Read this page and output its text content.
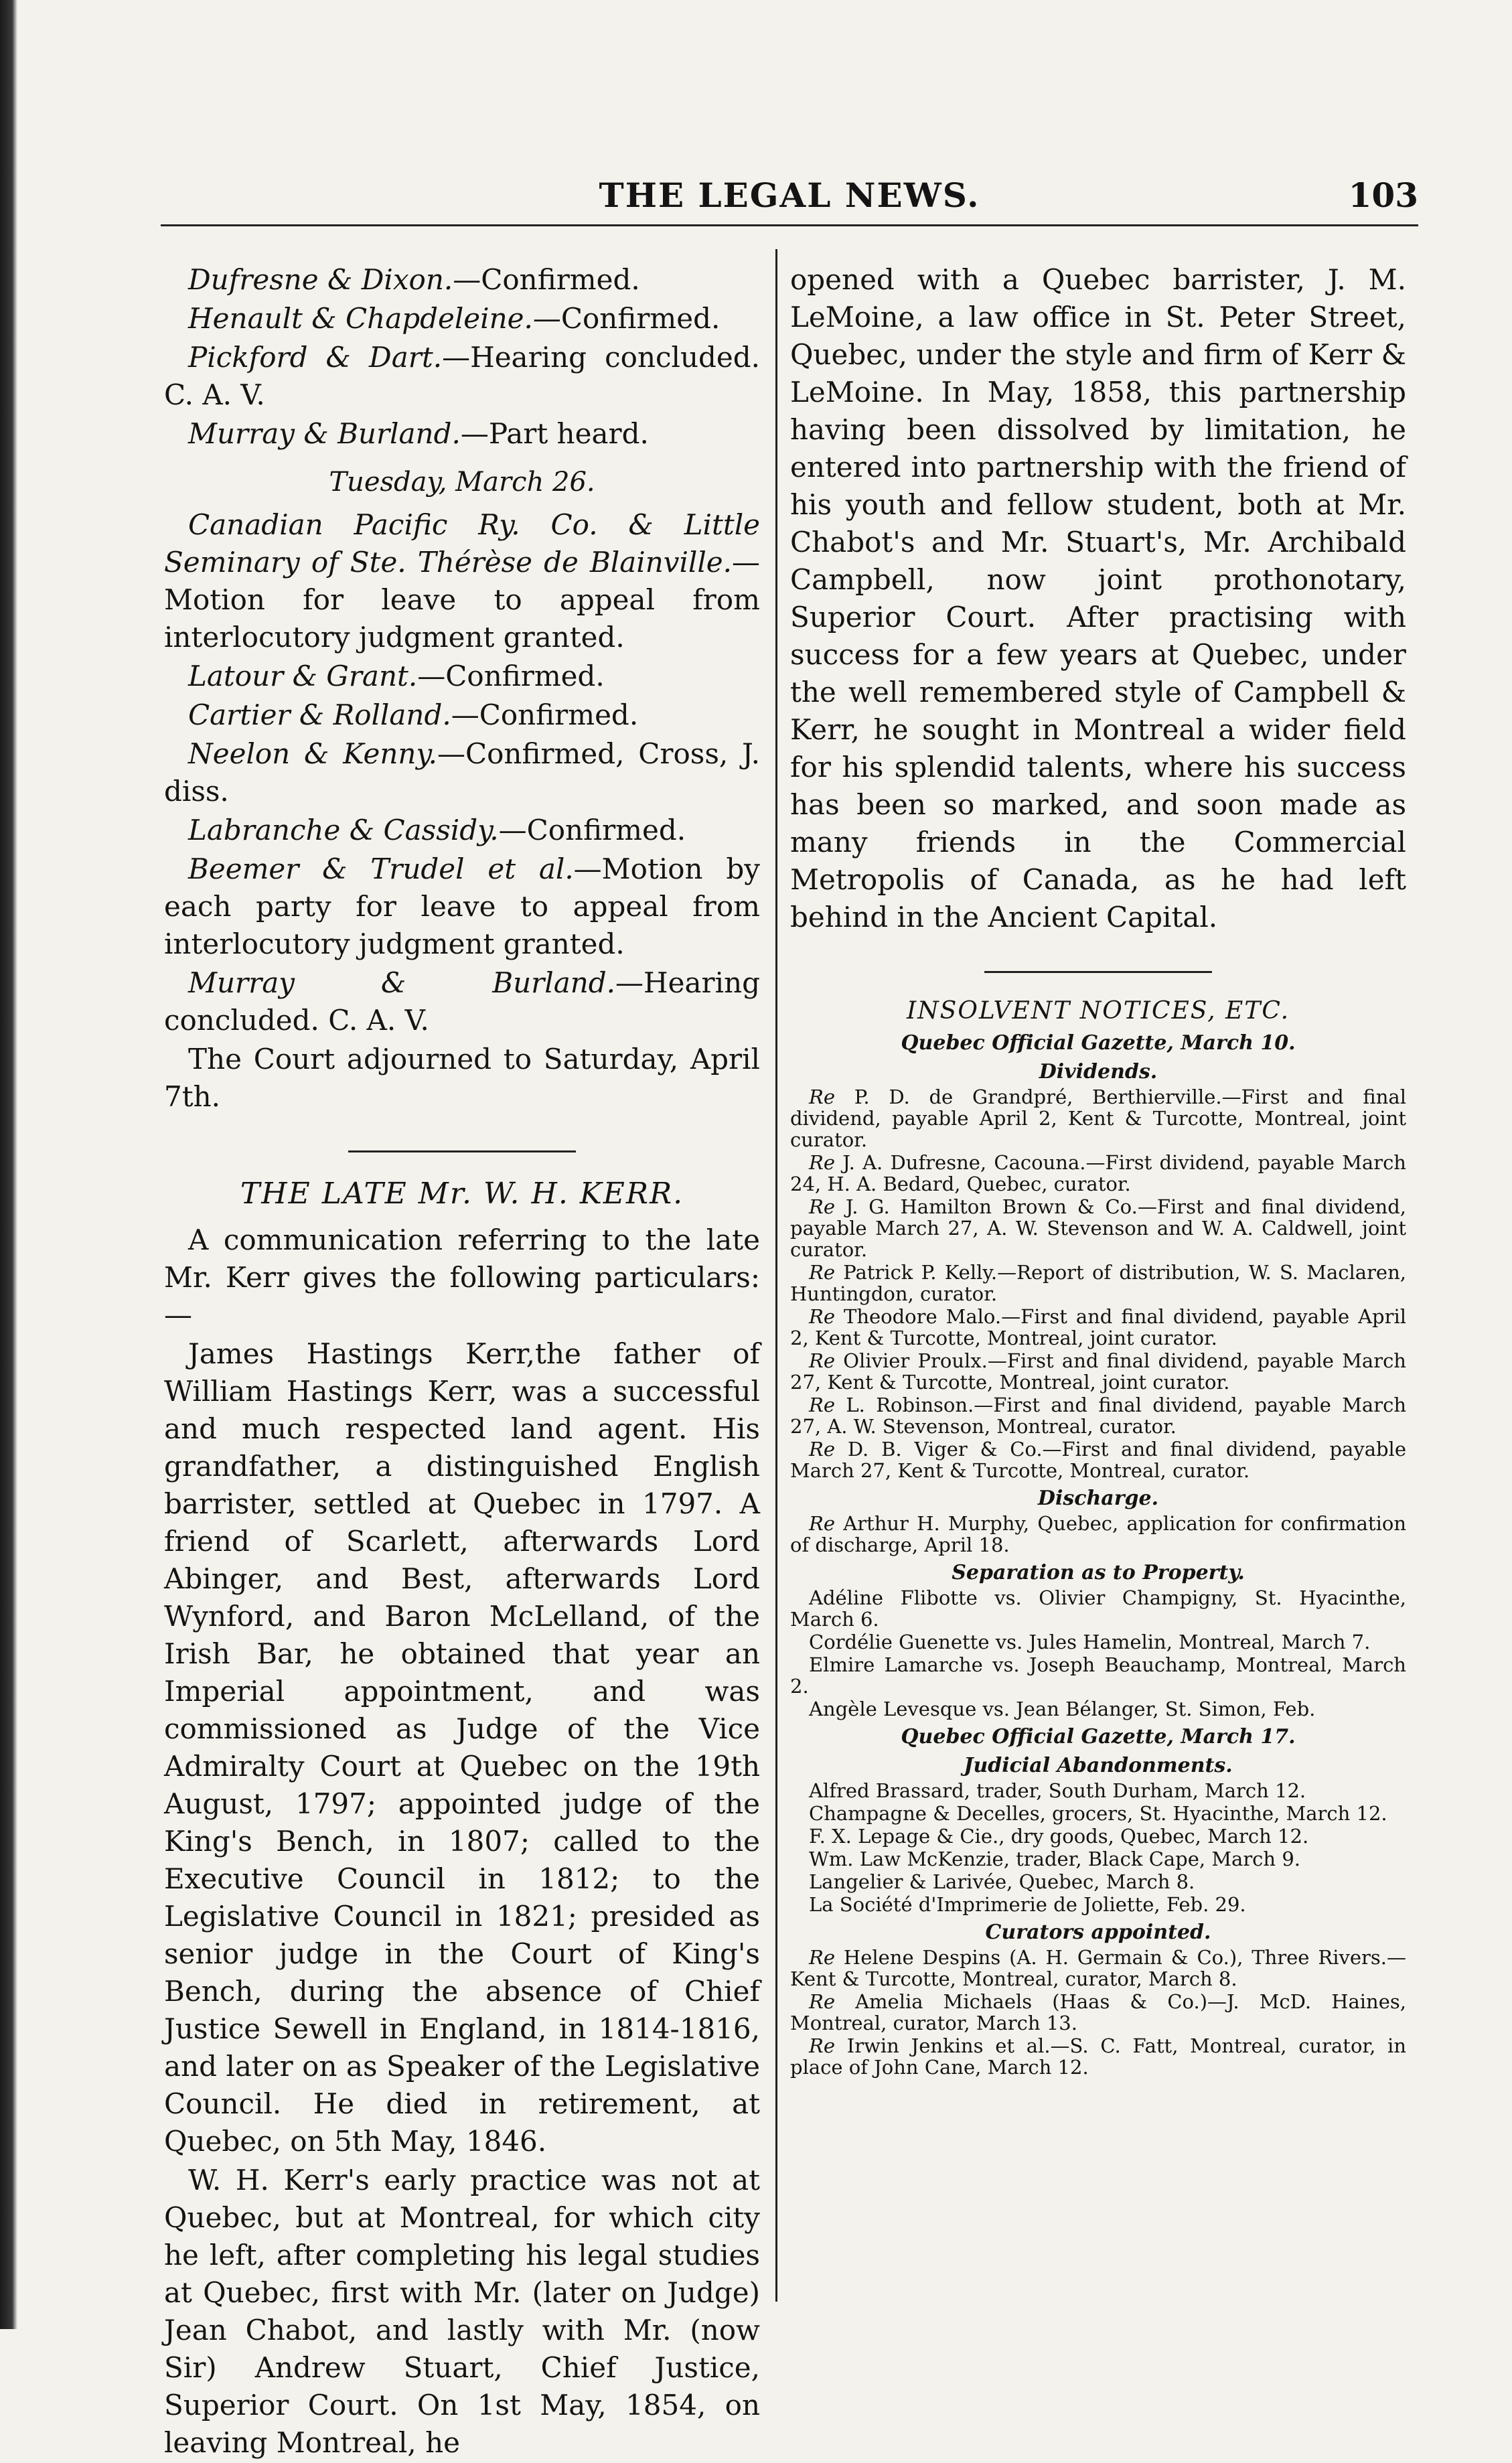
THE LEGAL NEWS.	103

Dufresne & Dixon.—Confirmed.

Henault & Chapdeleine.—Confirmed.

Pickford & Dart.—Hearing concluded. C. A. V.

Murray & Burland.—Part heard.

Tuesday, March 26.

Canadian Pacific Ry. Co. & Little Seminary of Ste. Thérèse de Blainville.—Motion for leave to appeal from interlocutory judgment granted.

Latour & Grant.—Confirmed.

Cartier & Rolland.—Confirmed.

Neelon & Kenny.—Confirmed, Cross, J. diss.

Labranche & Cassidy.—Confirmed.

Beemer & Trudel et al.—Motion by each party for leave to appeal from interlocutory judgment granted.

Murray & Burland.—Hearing concluded. C. A. V.

The Court adjourned to Saturday, April 7th.

THE LATE Mr. W. H. KERR.

A communication referring to the late Mr. Kerr gives the following particulars:—

James Hastings Kerr,the father of William Hastings Kerr, was a successful and much respected land agent. His grandfather, a distinguished English barrister, settled at Quebec in 1797. A friend of Scarlett, afterwards Lord Abinger, and Best, afterwards Lord Wynford, and Baron McLelland, of the Irish Bar, he obtained that year an Imperial appointment, and was commissioned as Judge of the Vice Admiralty Court at Quebec on the 19th August, 1797; appointed judge of the King's Bench, in 1807; called to the Executive Council in 1812; to the Legislative Council in 1821; presided as senior judge in the Court of King's Bench, during the absence of Chief Justice Sewell in England, in 1814-1816, and later on as Speaker of the Legislative Council. He died in retirement, at Quebec, on 5th May, 1846.

W. H. Kerr's early practice was not at Quebec, but at Montreal, for which city he left, after completing his legal studies at Quebec, first with Mr. (later on Judge) Jean Chabot, and lastly with Mr. (now Sir) Andrew Stuart, Chief Justice, Superior Court. On 1st May, 1854, on leaving Montreal, he

opened with a Quebec barrister, J. M. LeMoine, a law office in St. Peter Street, Quebec, under the style and firm of Kerr & LeMoine. In May, 1858, this partnership having been dissolved by limitation, he entered into partnership with the friend of his youth and fellow student, both at Mr. Chabot's and Mr. Stuart's, Mr. Archibald Campbell, now joint prothonotary, Superior Court. After practising with success for a few years at Quebec, under the well remembered style of Campbell & Kerr, he sought in Montreal a wider field for his splendid talents, where his success has been so marked, and soon made as many friends in the Commercial Metropolis of Canada, as he had left behind in the Ancient Capital.

INSOLVENT NOTICES, ETC.
Quebec Official Gazette, March 10.
Dividends.

Re P. D. de Grandpré, Berthierville.—First and final dividend, payable April 2, Kent & Turcotte, Montreal, joint curator.

Re J. A. Dufresne, Cacouna.—First dividend, payable March 24, H. A. Bedard, Quebec, curator.

Re J. G. Hamilton Brown & Co.—First and final dividend, payable March 27, A. W. Stevenson and W. A. Caldwell, joint curator.

Re Patrick P. Kelly.—Report of distribution, W. S. Maclaren, Huntingdon, curator.

Re Theodore Malo.—First and final dividend, payable April 2, Kent & Turcotte, Montreal, joint curator.

Re Olivier Proulx.—First and final dividend, payable March 27, Kent & Turcotte, Montreal, joint curator.

Re L. Robinson.—First and final dividend, payable March 27, A. W. Stevenson, Montreal, curator.

Re D. B. Viger & Co.—First and final dividend, payable March 27, Kent & Turcotte, Montreal, curator.

Discharge.

Re Arthur H. Murphy, Quebec, application for confirmation of discharge, April 18.

Separation as to Property.

Adéline Flibotte vs. Olivier Champigny, St. Hyacinthe, March 6.

Cordélie Guenette vs. Jules Hamelin, Montreal, March 7.

Elmire Lamarche vs. Joseph Beauchamp, Montreal, March 2.

Angèle Levesque vs. Jean Bélanger, St. Simon, Feb.

Quebec Official Gazette, March 17.
Judicial Abandonments.

Alfred Brassard, trader, South Durham, March 12.

Champagne & Decelles, grocers, St. Hyacinthe, March 12.

F. X. Lepage & Cie., dry goods, Quebec, March 12.

Wm. Law McKenzie, trader, Black Cape, March 9.

Langelier & Larivée, Quebec, March 8.

La Société d'Imprimerie de Joliette, Feb. 29.

Curators appointed.

Re Helene Despins (A. H. Germain & Co.), Three Rivers.—Kent & Turcotte, Montreal, curator, March 8.

Re Amelia Michaels (Haas & Co.)—J. McD. Haines, Montreal, curator, March 13.

Re Irwin Jenkins et al.—S. C. Fatt, Montreal, curator, in place of John Cane, March 12.
